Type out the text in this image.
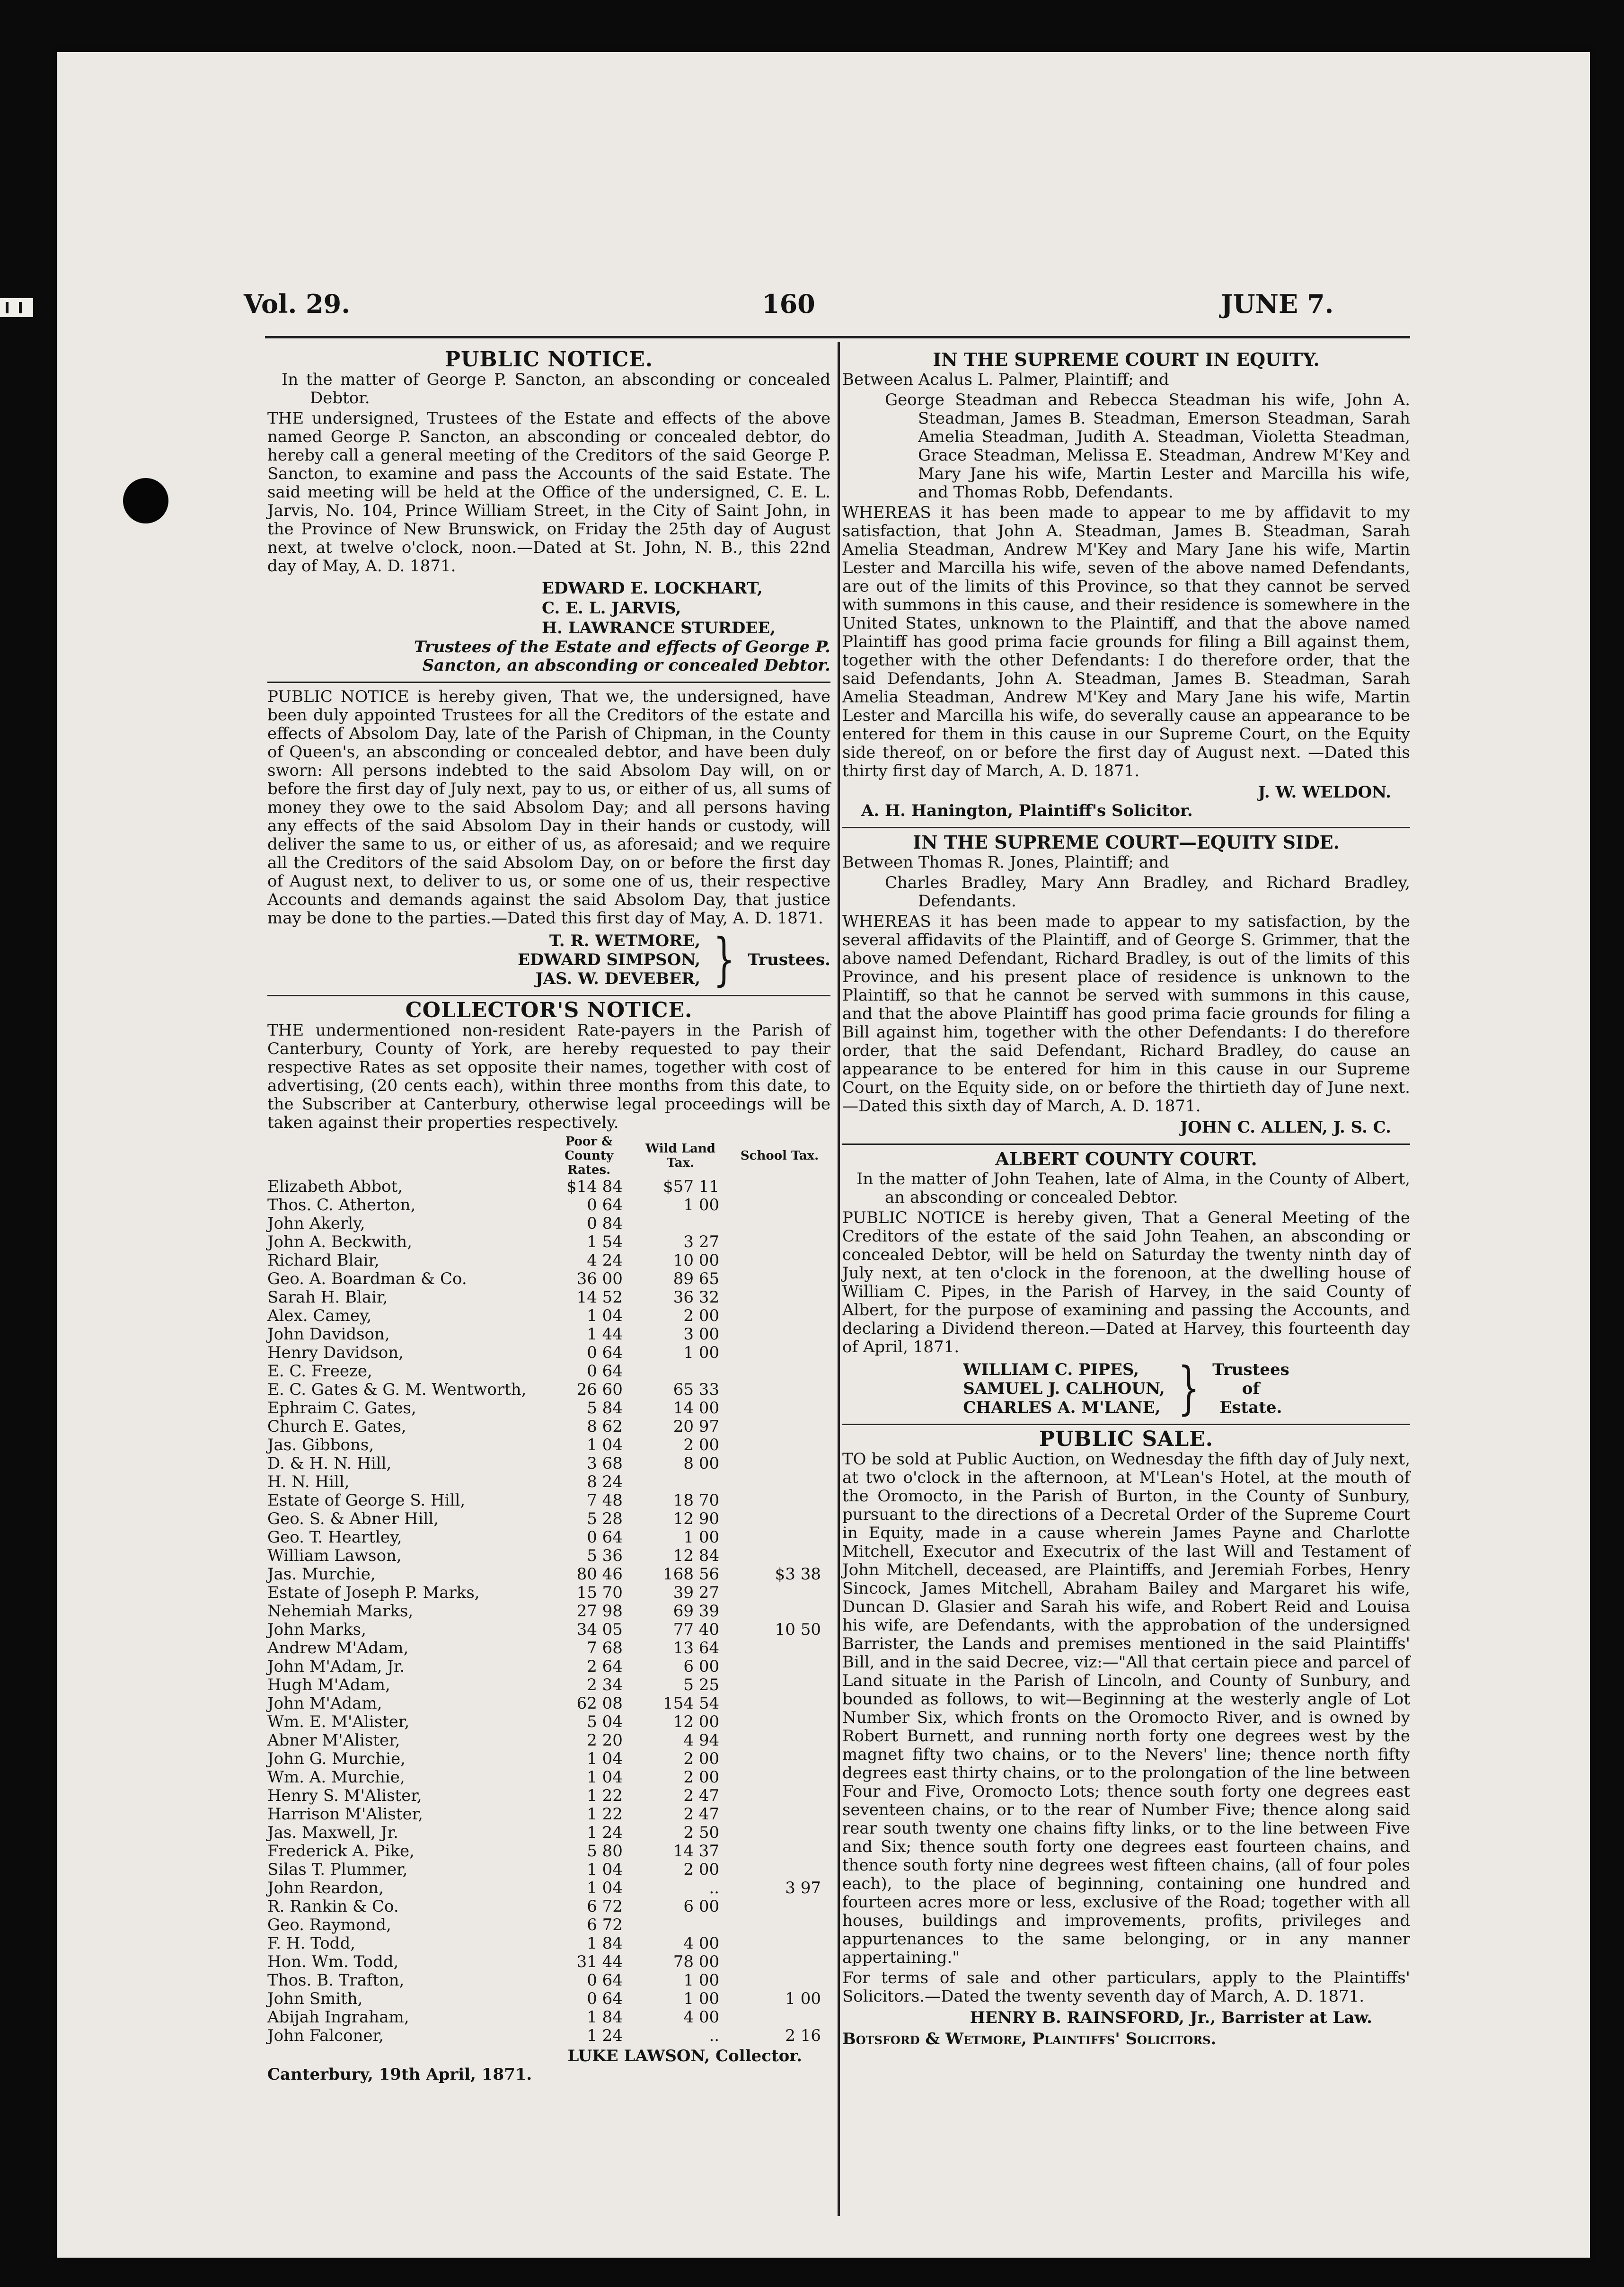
Vol. 29.	160	JUNE 7.
PUBLIC NOTICE.

In the matter of George P. Sancton, an absconding or concealed Debtor.

THE undersigned, Trustees of the Estate and effects of the above named George P. Sancton, an absconding or concealed debtor, do hereby call a general meeting of the Creditors of the said George P. Sancton, to examine and pass the Accounts of the said Estate. The said meeting will be held at the Office of the undersigned, C. E. L. Jarvis, No. 104, Prince William Street, in the City of Saint John, in the Province of New Brunswick, on Friday the 25th day of August next, at twelve o'clock, noon.—Dated at St. John, N. B., this 22nd day of May, A. D. 1871.

EDWARD E. LOCKHART,
C. E. L. JARVIS,
H. LAWRANCE STURDEE,
Trustees of the Estate and effects of George P.
Sancton, an absconding or concealed Debtor.

PUBLIC NOTICE is hereby given, That we, the undersigned, have been duly appointed Trustees for all the Creditors of the estate and effects of Absolom Day, late of the Parish of Chipman, in the County of Queen's, an absconding or concealed debtor, and have been duly sworn: All persons indebted to the said Absolom Day will, on or before the first day of July next, pay to us, or either of us, all sums of money they owe to the said Absolom Day; and all persons having any effects of the said Absolom Day in their hands or custody, will deliver the same to us, or either of us, as aforesaid; and we require all the Creditors of the said Absolom Day, on or before the first day of August next, to deliver to us, or some one of us, their respective Accounts and demands against the said Absolom Day, that justice may be done to the parties.—Dated this first day of May, A. D. 1871.

T. R. WETMORE,
EDWARD SIMPSON,
JAS. W. DEVEBER, } Trustees.
COLLECTOR'S NOTICE.

THE undermentioned non-resident Rate-payers in the Parish of Canterbury, County of York, are hereby requested to pay their respective Rates as set opposite their names, together with cost of advertising, (20 cents each), within three months from this date, to the Subscriber at Canterbury, otherwise legal proceedings will be taken against their properties respectively.

	Poor & County Rates.	Wild Land Tax.	School Tax.
Elizabeth Abbot,	$14 84	$57 11	
Thos. C. Atherton,	0 64	1 00	
John Akerly,	0 84		
John A. Beckwith,	1 54	3 27	
Richard Blair,	4 24	10 00	
Geo. A. Boardman & Co.	36 00	89 65	
Sarah H. Blair,	14 52	36 32	
Alex. Camey,	1 04	2 00	
John Davidson,	1 44	3 00	
Henry Davidson,	0 64	1 00	
E. C. Freeze,	0 64		
E. C. Gates & G. M. Wentworth,	26 60	65 33	
Ephraim C. Gates,	5 84	14 00	
Church E. Gates,	8 62	20 97	
Jas. Gibbons,	1 04	2 00	
D. & H. N. Hill,	3 68	8 00	
H. N. Hill,	8 24		
Estate of George S. Hill,	7 48	18 70	
Geo. S. & Abner Hill,	5 28	12 90	
Geo. T. Heartley,	0 64	1 00	
William Lawson,	5 36	12 84	
Jas. Murchie,	80 46	168 56	$3 38
Estate of Joseph P. Marks,	15 70	39 27	
Nehemiah Marks,	27 98	69 39	
John Marks,	34 05	77 40	10 50
Andrew M'Adam,	7 68	13 64	
John M'Adam, Jr.	2 64	6 00	
Hugh M'Adam,	2 34	5 25	
John M'Adam,	62 08	154 54	
Wm. E. M'Alister,	5 04	12 00	
Abner M'Alister,	2 20	4 94	
John G. Murchie,	1 04	2 00	
Wm. A. Murchie,	1 04	2 00	
Henry S. M'Alister,	1 22	2 47	
Harrison M'Alister,	1 22	2 47	
Jas. Maxwell, Jr.	1 24	2 50	
Frederick A. Pike,	5 80	14 37	
Silas T. Plummer,	1 04	2 00	
John Reardon,	1 04	..	3 97
R. Rankin & Co.	6 72	6 00	
Geo. Raymond,	6 72		
F. H. Todd,	1 84	4 00	
Hon. Wm. Todd,	31 44	78 00	
Thos. B. Trafton,	0 64	1 00	
John Smith,	0 64	1 00	1 00
Abijah Ingraham,	1 84	4 00	
John Falconer,	1 24	..	2 16
LUKE LAWSON, Collector.
Canterbury, 19th April, 1871.
IN THE SUPREME COURT IN EQUITY.

Between Acalus L. Palmer, Plaintiff; and

George Steadman and Rebecca Steadman his wife, John A. Steadman, James B. Steadman, Emerson Steadman, Sarah Amelia Steadman, Judith A. Steadman, Violetta Steadman, Grace Steadman, Melissa E. Steadman, Andrew M'Key and Mary Jane his wife, Martin Lester and Marcilla his wife, and Thomas Robb, Defendants.

WHEREAS it has been made to appear to me by affidavit to my satisfaction, that John A. Steadman, James B. Steadman, Sarah Amelia Steadman, Andrew M'Key and Mary Jane his wife, Martin Lester and Marcilla his wife, seven of the above named Defendants, are out of the limits of this Province, so that they cannot be served with summons in this cause, and their residence is somewhere in the United States, unknown to the Plaintiff, and that the above named Plaintiff has good prima facie grounds for filing a Bill against them, together with the other Defendants: I do therefore order, that the said Defendants, John A. Steadman, James B. Steadman, Sarah Amelia Steadman, Andrew M'Key and Mary Jane his wife, Martin Lester and Marcilla his wife, do severally cause an appearance to be entered for them in this cause in our Supreme Court, on the Equity side thereof, on or before the first day of August next. —Dated this thirty first day of March, A. D. 1871.

J. W. WELDON.

A. H. Hanington, Plaintiff's Solicitor.

IN THE SUPREME COURT—EQUITY SIDE.

Between Thomas R. Jones, Plaintiff; and

Charles Bradley, Mary Ann Bradley, and Richard Bradley, Defendants.

WHEREAS it has been made to appear to my satisfaction, by the several affidavits of the Plaintiff, and of George S. Grimmer, that the above named Defendant, Richard Bradley, is out of the limits of this Province, and his present place of residence is unknown to the Plaintiff, so that he cannot be served with summons in this cause, and that the above Plaintiff has good prima facie grounds for filing a Bill against him, together with the other Defendants: I do therefore order, that the said Defendant, Richard Bradley, do cause an appearance to be entered for him in this cause in our Supreme Court, on the Equity side, on or before the thirtieth day of June next.—Dated this sixth day of March, A. D. 1871.

JOHN C. ALLEN, J. S. C.
ALBERT COUNTY COURT.

In the matter of John Teahen, late of Alma, in the County of Albert, an absconding or concealed Debtor.

PUBLIC NOTICE is hereby given, That a General Meeting of the Creditors of the estate of the said John Teahen, an absconding or concealed Debtor, will be held on Saturday the twenty ninth day of July next, at ten o'clock in the forenoon, at the dwelling house of William C. Pipes, in the Parish of Harvey, in the said County of Albert, for the purpose of examining and passing the Accounts, and declaring a Dividend thereon.—Dated at Harvey, this fourteenth day of April, 1871.

WILLIAM C. PIPES,
SAMUEL J. CALHOUN,
CHARLES A. M'LANE, } Trustees
of
Estate.
PUBLIC SALE.

TO be sold at Public Auction, on Wednesday the fifth day of July next, at two o'clock in the afternoon, at M'Lean's Hotel, at the mouth of the Oromocto, in the Parish of Burton, in the County of Sunbury, pursuant to the directions of a Decretal Order of the Supreme Court in Equity, made in a cause wherein James Payne and Charlotte Mitchell, Executor and Executrix of the last Will and Testament of John Mitchell, deceased, are Plaintiffs, and Jeremiah Forbes, Henry Sincock, James Mitchell, Abraham Bailey and Margaret his wife, Duncan D. Glasier and Sarah his wife, and Robert Reid and Louisa his wife, are Defendants, with the approbation of the undersigned Barrister, the Lands and premises mentioned in the said Plaintiffs' Bill, and in the said Decree, viz:—"All that certain piece and parcel of Land situate in the Parish of Lincoln, and County of Sunbury, and bounded as follows, to wit—Beginning at the westerly angle of Lot Number Six, which fronts on the Oromocto River, and is owned by Robert Burnett, and running north forty one degrees west by the magnet fifty two chains, or to the Nevers' line; thence north fifty degrees east thirty chains, or to the prolongation of the line between Four and Five, Oromocto Lots; thence south forty one degrees east seventeen chains, or to the rear of Number Five; thence along said rear south twenty one chains fifty links, or to the line between Five and Six; thence south forty one degrees east fourteen chains, and thence south forty nine degrees west fifteen chains, (all of four poles each), to the place of beginning, containing one hundred and fourteen acres more or less, exclusive of the Road; together with all houses, buildings and improvements, profits, privileges and appurtenances to the same belonging, or in any manner appertaining."

For terms of sale and other particulars, apply to the Plaintiffs' Solicitors.—Dated the twenty seventh day of March, A. D. 1871.

HENRY B. RAINSFORD, Jr., Barrister at Law.
Botsford & Wetmore, Plaintiffs' Solicitors.
